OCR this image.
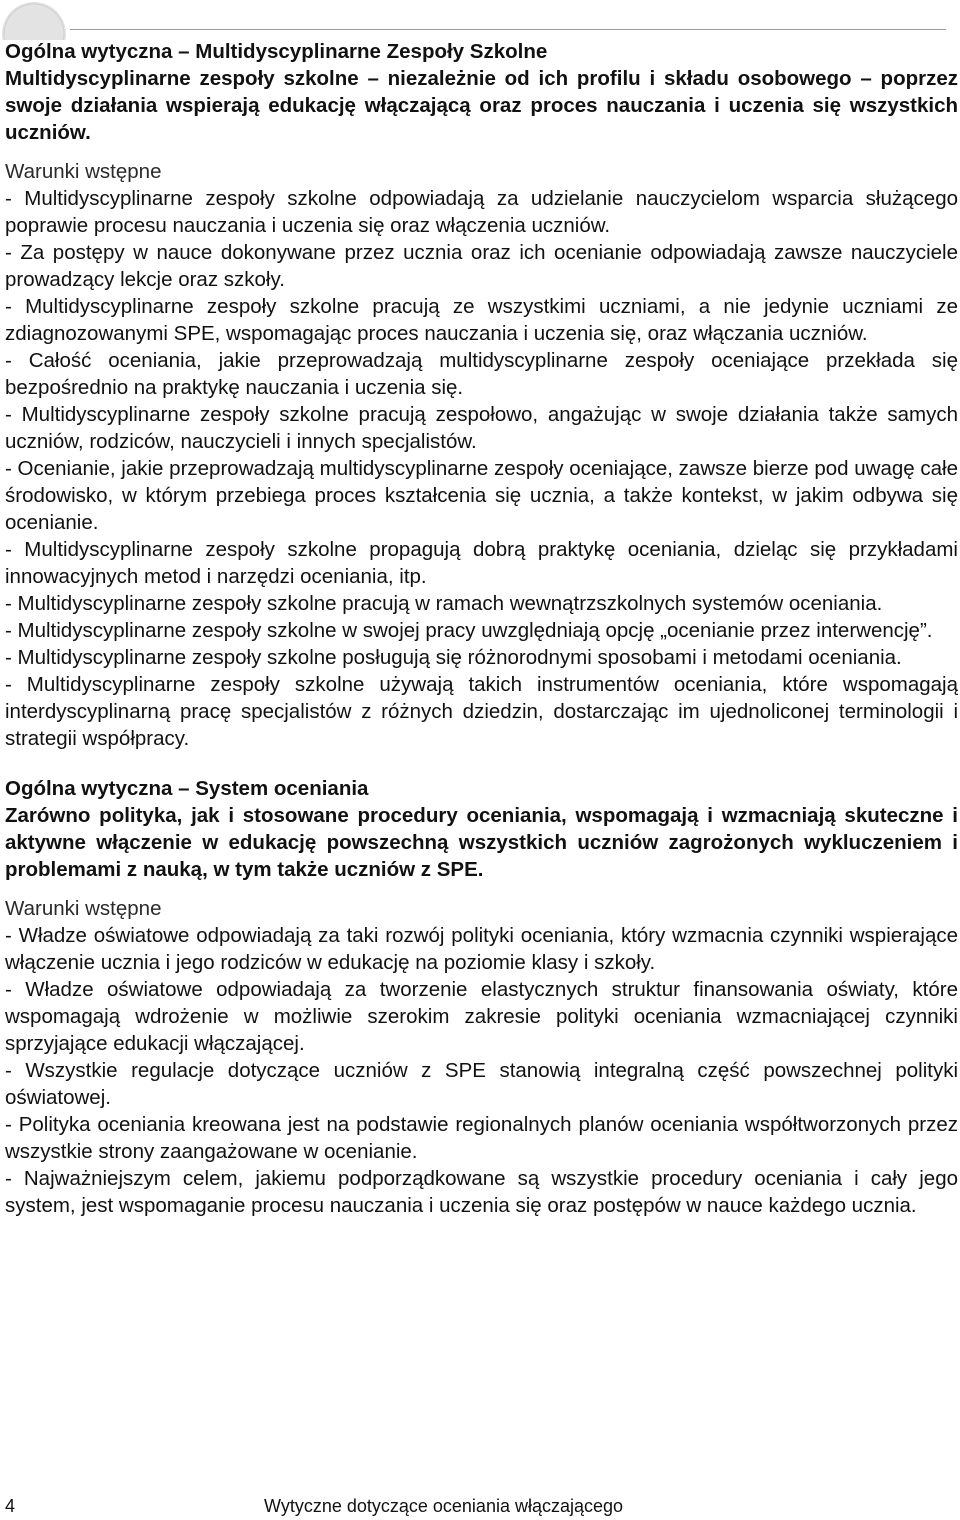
Ogólna wytyczna – Multidyscyplinarne Zespoły Szkolne

Multidyscyplinarne zespoły szkolne – niezależnie od ich profilu i składu osobowego – poprzez swoje działania wspierają edukację włączającą oraz proces nauczania i uczenia się wszystkich uczniów.

Warunki wstępne

- Multidyscyplinarne zespoły szkolne odpowiadają za udzielanie nauczycielom wsparcia służącego poprawie procesu nauczania i uczenia się oraz włączenia uczniów.

- Za postępy w nauce dokonywane przez ucznia oraz ich ocenianie odpowiadają zawsze nauczyciele prowadzący lekcje oraz szkoły.

- Multidyscyplinarne zespoły szkolne pracują ze wszystkimi uczniami, a nie jedynie uczniami ze zdiagnozowanymi SPE, wspomagając proces nauczania i uczenia się, oraz włączania uczniów.

- Całość oceniania, jakie przeprowadzają multidyscyplinarne zespoły oceniające przekłada się bezpośrednio na praktykę nauczania i uczenia się.

- Multidyscyplinarne zespoły szkolne pracują zespołowo, angażując w swoje działania także samych uczniów, rodziców, nauczycieli i innych specjalistów.

- Ocenianie, jakie przeprowadzają multidyscyplinarne zespoły oceniające, zawsze bierze pod uwagę całe środowisko, w którym przebiega proces kształcenia się ucznia, a także kontekst, w jakim odbywa się ocenianie.

- Multidyscyplinarne zespoły szkolne propagują dobrą praktykę oceniania, dzieląc się przykładami innowacyjnych metod i narzędzi oceniania, itp.

- Multidyscyplinarne zespoły szkolne pracują w ramach wewnątrzszkolnych systemów oceniania.

- Multidyscyplinarne zespoły szkolne w swojej pracy uwzględniają opcję „ocenianie przez interwencję”.

- Multidyscyplinarne zespoły szkolne posługują się różnorodnymi sposobami i metodami oceniania.

- Multidyscyplinarne zespoły szkolne używają takich instrumentów oceniania, które wspomagają interdyscyplinarną pracę specjalistów z różnych dziedzin, dostarczając im ujednoliconej terminologii i strategii współpracy.

Ogólna wytyczna – System oceniania

Zarówno polityka, jak i stosowane procedury oceniania, wspomagają i wzmacniają skuteczne i aktywne włączenie w edukację powszechną wszystkich uczniów zagrożonych wykluczeniem i problemami z nauką, w tym także uczniów z SPE.

Warunki wstępne

- Władze oświatowe odpowiadają za taki rozwój polityki oceniania, który wzmacnia czynniki wspierające włączenie ucznia i jego rodziców w edukację na poziomie klasy i szkoły.

- Władze oświatowe odpowiadają za tworzenie elastycznych struktur finansowania oświaty, które wspomagają wdrożenie w możliwie szerokim zakresie polityki oceniania wzmacniającej czynniki sprzyjające edukacji włączającej.

- Wszystkie regulacje dotyczące uczniów z SPE stanowią integralną część powszechnej polityki oświatowej.

- Polityka oceniania kreowana jest na podstawie regionalnych planów oceniania współtworzonych przez wszystkie strony zaangażowane w ocenianie.

- Najważniejszym celem, jakiemu podporządkowane są wszystkie procedury oceniania i cały jego system, jest wspomaganie procesu nauczania i uczenia się oraz postępów w nauce każdego ucznia.

4	Wytyczne dotyczące oceniania włączającego
